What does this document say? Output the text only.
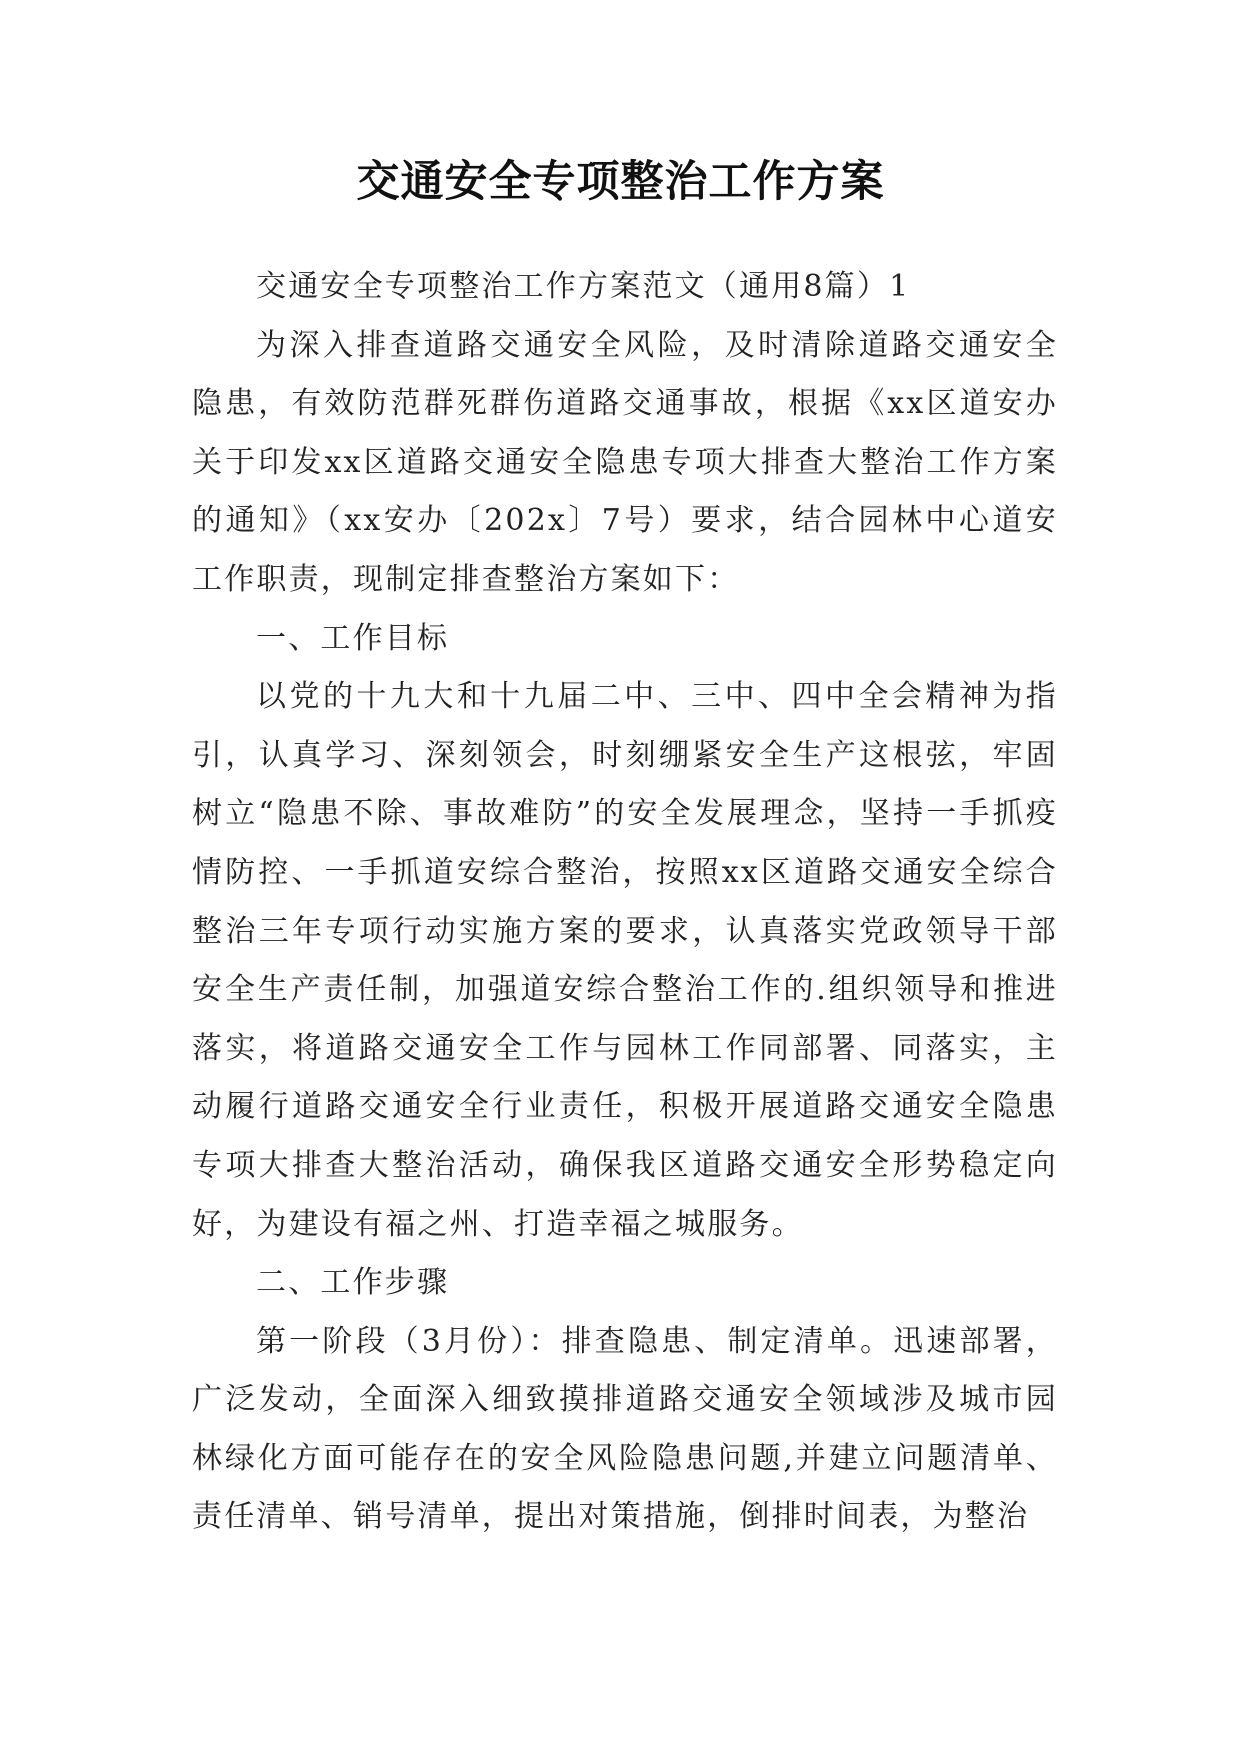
交通安全专项整治工作方案

交通安全专项整治工作方案范文（通用8篇）1

为深入排查道路交通安全风险，及时清除道路交通安全隐患，有效防范群死群伤道路交通事故，根据《xx区道安办关于印发xx区道路交通安全隐患专项大排查大整治工作方案的通知》（xx安办〔202x〕7号）要求，结合园林中心道安工作职责，现制定排查整治方案如下：

一、工作目标

以党的十九大和十九届二中、三中、四中全会精神为指引，认真学习、深刻领会，时刻绷紧安全生产这根弦，牢固树立“隐患不除、事故难防”的安全发展理念，坚持一手抓疫情防控、一手抓道安综合整治，按照xx区道路交通安全综合整治三年专项行动实施方案的要求，认真落实党政领导干部安全生产责任制，加强道安综合整治工作的.组织领导和推进落实，将道路交通安全工作与园林工作同部署、同落实，主动履行道路交通安全行业责任，积极开展道路交通安全隐患专项大排查大整治活动，确保我区道路交通安全形势稳定向好，为建设有福之州、打造幸福之城服务。

二、工作步骤

第一阶段（3月份）：排查隐患、制定清单。迅速部署，广泛发动，全面深入细致摸排道路交通安全领域涉及城市园林绿化方面可能存在的安全风险隐患问题,并建立问题清单、责任清单、销号清单，提出对策措施，倒排时间表，为整治
